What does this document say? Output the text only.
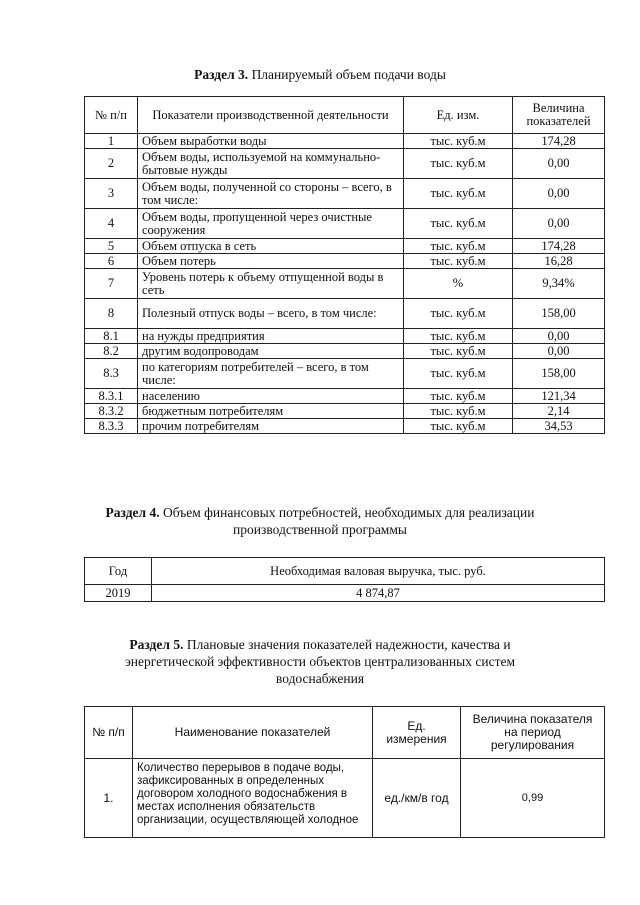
Раздел 3. Планируемый объем подачи воды
№ п/п	Показатели производственной деятельности	Ед. изм.	Величина показателей
1	Объем выработки воды	тыс. куб.м	174,28
2	Объем воды, используемой на коммунально-бытовые нужды	тыс. куб.м	0,00
3	Объем воды, полученной со стороны – всего, в том числе:	тыс. куб.м	0,00
4	Объем воды, пропущенной через очистные сооружения	тыс. куб.м	0,00
5	Объем отпуска в сеть	тыс. куб.м	174,28
6	Объем потерь	тыс. куб.м	16,28
7	Уровень потерь к объему отпущенной воды в сеть	%	9,34%
8	Полезный отпуск воды – всего, в том числе:	тыс. куб.м	158,00
8.1	на нужды предприятия	тыс. куб.м	0,00
8.2	другим водопроводам	тыс. куб.м	0,00
8.3	по категориям потребителей – всего, в том числе:	тыс. куб.м	158,00
8.3.1	населению	тыс. куб.м	121,34
8.3.2	бюджетным потребителям	тыс. куб.м	2,14
8.3.3	прочим потребителям	тыс. куб.м	34,53
Раздел 4. Объем финансовых потребностей, необходимых для реализации
производственной программы
Год	Необходимая валовая выручка, тыс. руб.
2019	4 874,87
Раздел 5. Плановые значения показателей надежности, качества и
энергетической эффективности объектов централизованных систем
водоснабжения
№ п/п	Наименование показателей	Ед. измерения	Величина показателя на период регулирования
1.	Количество перерывов в подаче воды, зафиксированных в определенных договором холодного водоснабжения в местах исполнения обязательств организации, осуществляющей холодное	ед./км/в год	0,99
